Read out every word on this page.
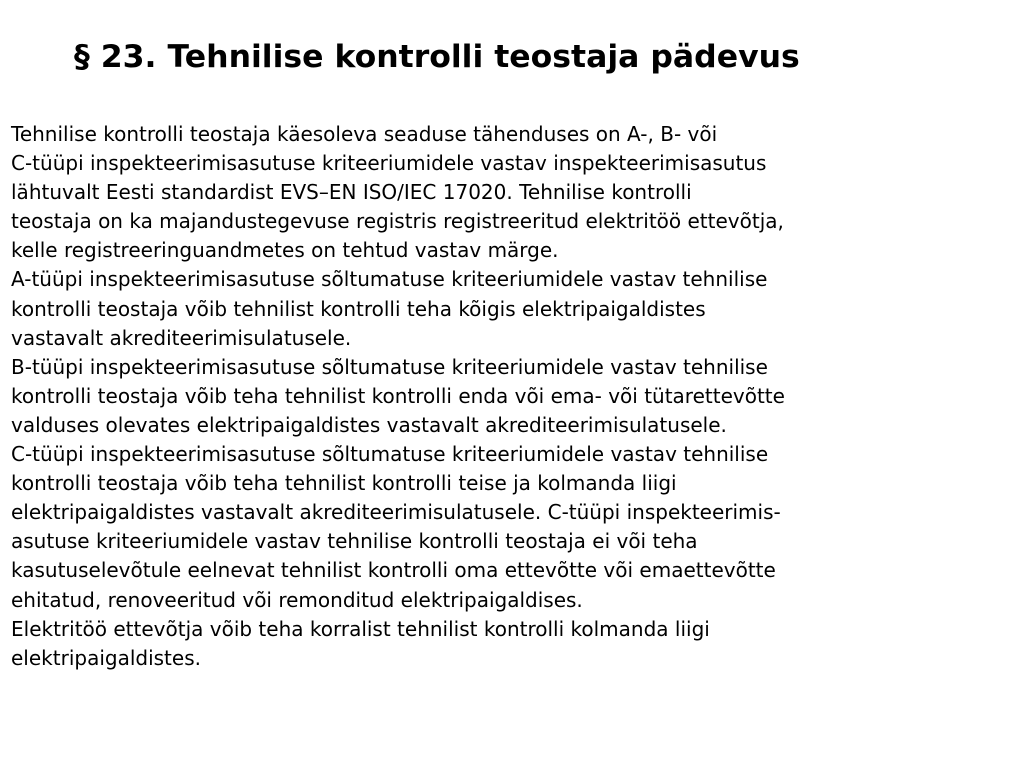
§ 23. Tehnilise kontrolli teostaja pädevus
Tehnilise kontrolli teostaja käesoleva seaduse tähenduses on A-, B- või
C-tüüpi inspekteerimisasutuse kriteeriumidele vastav inspekteerimisasutus
lähtuvalt Eesti standardist EVS–EN ISO/IEC 17020. Tehnilise kontrolli
teostaja on ka majandustegevuse registris registreeritud elektritöö ettevõtja,
kelle registreeringuandmetes on tehtud vastav märge.
A-tüüpi inspekteerimisasutuse sõltumatuse kriteeriumidele vastav tehnilise
kontrolli teostaja võib tehnilist kontrolli teha kõigis elektripaigaldistes
vastavalt akrediteerimisulatusele.
B-tüüpi inspekteerimisasutuse sõltumatuse kriteeriumidele vastav tehnilise
kontrolli teostaja võib teha tehnilist kontrolli enda või ema- või tütarettevõtte
valduses olevates elektripaigaldistes vastavalt akrediteerimisulatusele.
C-tüüpi inspekteerimisasutuse sõltumatuse kriteeriumidele vastav tehnilise
kontrolli teostaja võib teha tehnilist kontrolli teise ja kolmanda liigi
elektripaigaldistes vastavalt akrediteerimisulatusele. C-tüüpi inspekteerimis-
asutuse kriteeriumidele vastav tehnilise kontrolli teostaja ei või teha
kasutuselevõtule eelnevat tehnilist kontrolli oma ettevõtte või emaettevõtte
ehitatud, renoveeritud või remonditud elektripaigaldises.
Elektritöö ettevõtja võib teha korralist tehnilist kontrolli kolmanda liigi
elektripaigaldistes.
